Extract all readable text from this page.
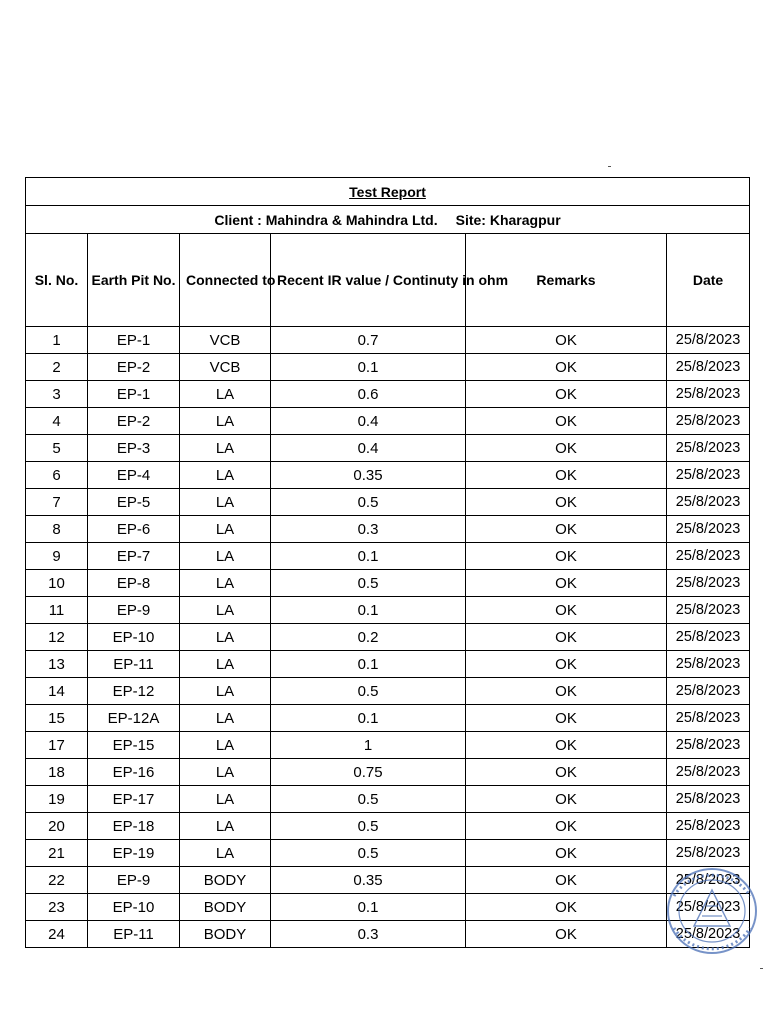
Test Report					
Client : Mahindra & Mahindra Ltd. Site: Kharagpur					
Sl. No.	Earth Pit No.	Connected to	Recent IR value / Continuty in ohm	Remarks	Date
1	EP-1	VCB	0.7	OK	25/8/2023
2	EP-2	VCB	0.1	OK	25/8/2023
3	EP-1	LA	0.6	OK	25/8/2023
4	EP-2	LA	0.4	OK	25/8/2023
5	EP-3	LA	0.4	OK	25/8/2023
6	EP-4	LA	0.35	OK	25/8/2023
7	EP-5	LA	0.5	OK	25/8/2023
8	EP-6	LA	0.3	OK	25/8/2023
9	EP-7	LA	0.1	OK	25/8/2023
10	EP-8	LA	0.5	OK	25/8/2023
11	EP-9	LA	0.1	OK	25/8/2023
12	EP-10	LA	0.2	OK	25/8/2023
13	EP-11	LA	0.1	OK	25/8/2023
14	EP-12	LA	0.5	OK	25/8/2023
15	EP-12A	LA	0.1	OK	25/8/2023
17	EP-15	LA	1	OK	25/8/2023
18	EP-16	LA	0.75	OK	25/8/2023
19	EP-17	LA	0.5	OK	25/8/2023
20	EP-18	LA	0.5	OK	25/8/2023
21	EP-19	LA	0.5	OK	25/8/2023
22	EP-9	BODY	0.35	OK	25/8/2023
23	EP-10	BODY	0.1	OK	25/8/2023
24	EP-11	BODY	0.3	OK	25/8/2023
